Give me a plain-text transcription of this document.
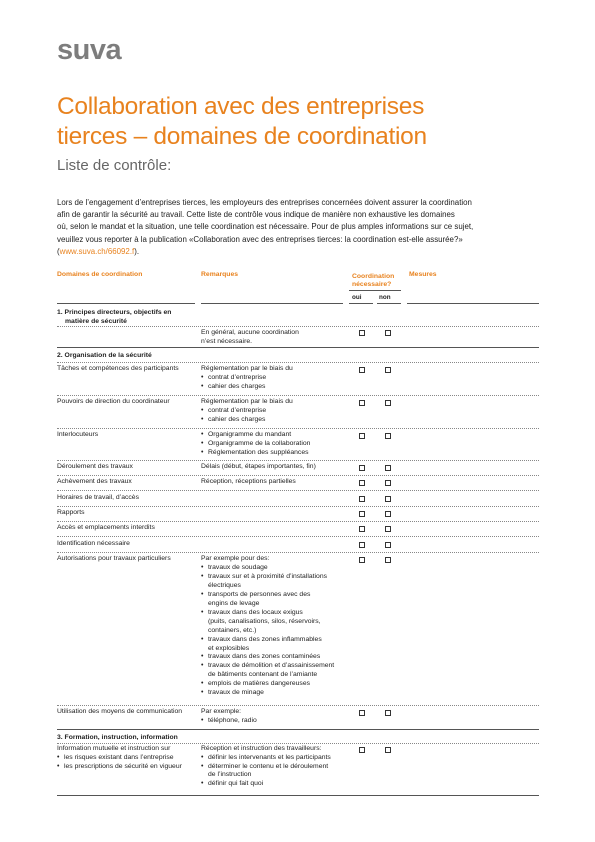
suva
Collaboration avec des entreprises
tierces – domaines de coordination
Liste de contrôle:
Lors de l’engagement d’entreprises tierces, les employeurs des entreprises concernées doivent assurer la coordination
afin de garantir la sécurité au travail. Cette liste de contrôle vous indique de manière non exhaustive les domaines
où, selon le mandat et la situation, une telle coordination est nécessaire. Pour de plus amples informations sur ce sujet,
veuillez vous reporter à la publication «Collaboration avec des entreprises tierces: la coordination est-elle assurée?»
(www.suva.ch/66092.f).
Domaines de coordination	Remarques	Coordination
nécessaire?
Mesures
oui	non
1. Principes directeurs, objectifs en
matière de sécurité
En général, aucune coordination
n’est nécessaire.
2. Organisation de la sécurité
Tâches et compétences des participants	Réglementation par le biais du
• contrat d’entreprise
• cahier des charges
Pouvoirs de direction du coordinateur	Réglementation par le biais du
• contrat d’entreprise
• cahier des charges
Interlocuteurs
•	Organigramme du mandant
• Organigramme de la collaboration
• Réglementation des suppléances
Déroulement des travaux	Délais (début, étapes importantes, fin)
Achèvement des travaux	Réception, réceptions partielles
Horaires de travail, d’accès
Rapports
Accès et emplacements interdits
Identification nécessaire
Autorisations pour travaux particuliers	Par exemple pour des:
• travaux de soudage
• travaux sur et à proximité d’installations
électriques
• transports de personnes avec des
engins de levage
• travaux dans des locaux exigus
(puits, canalisations, silos, réservoirs,
containers, etc.)
• travaux dans des zones inflammables
et explosibles
• travaux dans des zones contaminées
• travaux de démolition et d’assainissement
de bâtiments contenant de l’amiante
• emplois de matières dangereuses
• travaux de minage
Utilisation des moyens de communication	Par exemple:
• téléphone, radio
3. Formation, instruction, information
Information mutuelle et instruction sur
• les risques existant dans l’entreprise
• les prescriptions de sécurité en vigueur
Réception et instruction des travailleurs:
• définir les intervenants et les participants
• déterminer le contenu et le déroulement
de l’instruction
• définir qui fait quoi
